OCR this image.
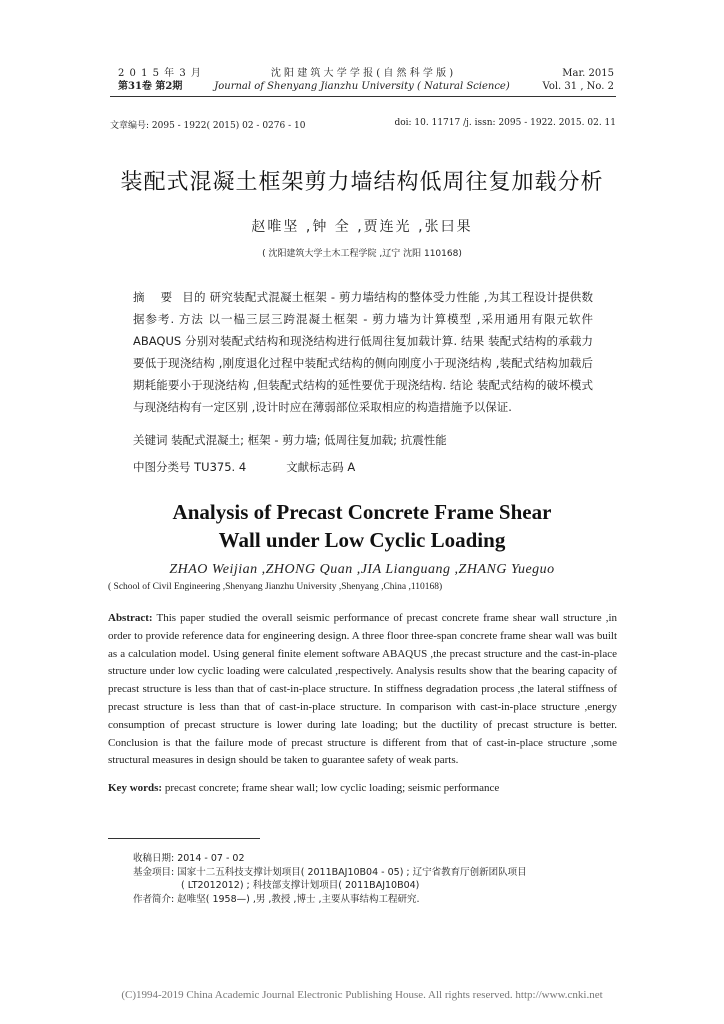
2 0 1 5 年 3 月
第31卷 第2期
沈 阳 建 筑 大 学 学 报 ( 自 然 科 学 版 )
Journal of Shenyang Jianzhu University ( Natural Science)
Mar. 2015
Vol. 31 , No. 2
文章编号: 2095 - 1922( 2015) 02 - 0276 - 10	doi: 10. 11717 /j. issn: 2095 - 1922. 2015. 02. 11
装配式混凝土框架剪力墙结构低周往复加载分析
赵唯坚 ,钟 全 ,贾连光 ,张曰果
( 沈阳建筑大学土木工程学院 ,辽宁 沈阳 110168)
摘 要 目的 研究装配式混凝土框架 - 剪力墙结构的整体受力性能 ,为其工程设计提供数据参考. 方法 以一榀三层三跨混凝土框架 - 剪力墙为计算模型 ,采用通用有限元软件 ABAQUS 分别对装配式结构和现浇结构进行低周往复加载计算. 结果 装配式结构的承载力要低于现浇结构 ,刚度退化过程中装配式结构的侧向刚度小于现浇结构 ,装配式结构加载后期耗能要小于现浇结构 ,但装配式结构的延性要优于现浇结构. 结论 装配式结构的破坏模式与现浇结构有一定区别 ,设计时应在薄弱部位采取相应的构造措施予以保证.
关键词 装配式混凝土; 框架 - 剪力墙; 低周往复加载; 抗震性能
中图分类号 TU375. 4	文献标志码 A
Analysis of Precast Concrete Frame Shear
Wall under Low Cyclic Loading
ZHAO Weijian ,ZHONG Quan ,JIA Lianguang ,ZHANG Yueguo
( School of Civil Engineering ,Shenyang Jianzhu University ,Shenyang ,China ,110168)
Abstract: This paper studied the overall seismic performance of precast concrete frame shear wall structure ,in order to provide reference data for engineering design. A three floor three-span concrete frame shear wall was built as a calculation model. Using general finite element software ABAQUS ,the precast structure and the cast-in-place structure under low cyclic loading were calculated ,respectively. Analysis results show that the bearing capacity of precast structure is less than that of cast-in-place structure. In stiffness degradation process ,the lateral stiffness of precast structure is less than that of cast-in-place structure. In comparison with cast-in-place structure ,energy consumption of precast structure is lower during late loading; but the ductility of precast structure is better. Conclusion is that the failure mode of precast structure is different from that of cast-in-place structure ,some structural measures in design should be taken to guarantee safety of weak parts.
Key words: precast concrete; frame shear wall; low cyclic loading; seismic performance
收稿日期: 2014 - 07 - 02
基金项目: 国家十二五科技支撑计划项目( 2011BAJ10B04 - 05) ; 辽宁省教育厅创新团队项目
( LT2012012) ; 科技部支撑计划项目( 2011BAJ10B04)
作者简介: 赵唯坚( 1958—) ,男 ,教授 ,博士 ,主要从事结构工程研究.
(C)1994-2019 China Academic Journal Electronic Publishing House. All rights reserved. http://www.cnki.net
